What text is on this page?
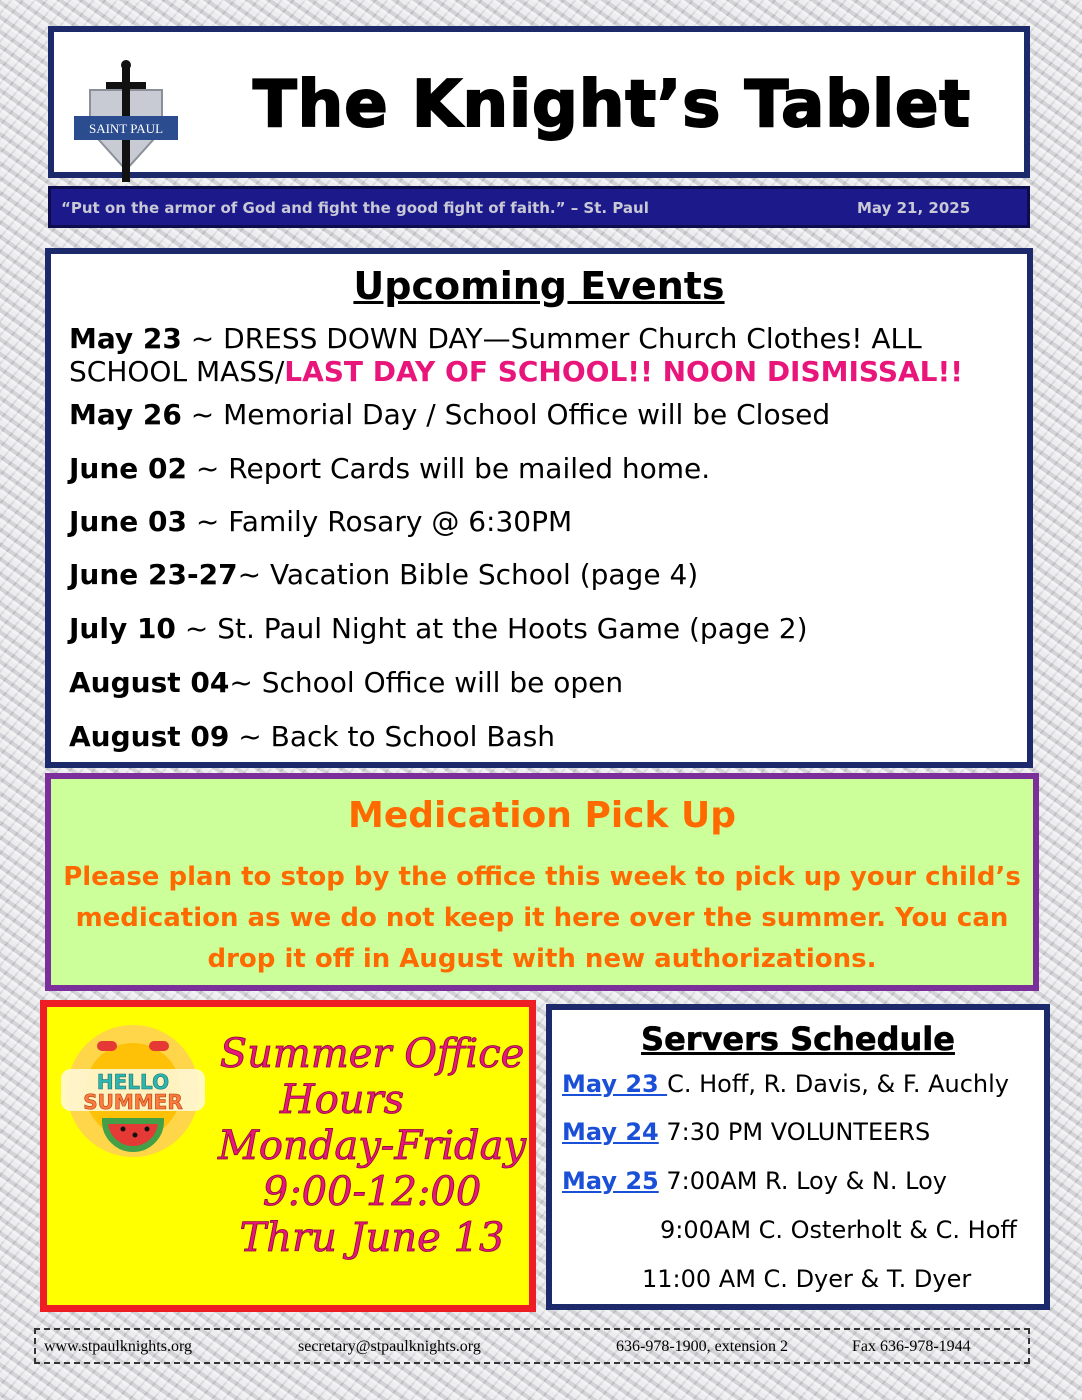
SAINT PAUL	The Knight’s Tablet
“Put on the armor of God and fight the good fight of faith.” – St. Paul	May 21, 2025
Upcoming Events
May 23 ~ DRESS DOWN DAY—Summer Church Clothes! ALL SCHOOL MASS/LAST DAY OF SCHOOL!! NOON DISMISSAL!!
May 26 ~ Memorial Day / School Office will be Closed
June 02 ~ Report Cards will be mailed home.
June 03 ~ Family Rosary @ 6:30PM
June 23-27~ Vacation Bible School (page 4)
July 10 ~ St. Paul Night at the Hoots Game (page 2)
August 04~ School Office will be open
August 09 ~ Back to School Bash
Medication Pick Up
Please plan to stop by the office this week to pick up your child’s medication as we do not keep it here over the summer. You can drop it off in August with new authorizations.
HELLO
SUMMER
Summer Office
Hours
Monday-Friday
9:00-12:00
Thru June 13
Servers Schedule
May 23 C. Hoff, R. Davis, & F. Auchly
May 24 7:30 PM VOLUNTEERS
May 25 7:00AM R. Loy & N. Loy
9:00AM C. Osterholt & C. Hoff
11:00 AM C. Dyer & T. Dyer
www.stpaulknights.org	secretary@stpaulknights.org	636-978-1900, extension 2	Fax 636-978-1944
